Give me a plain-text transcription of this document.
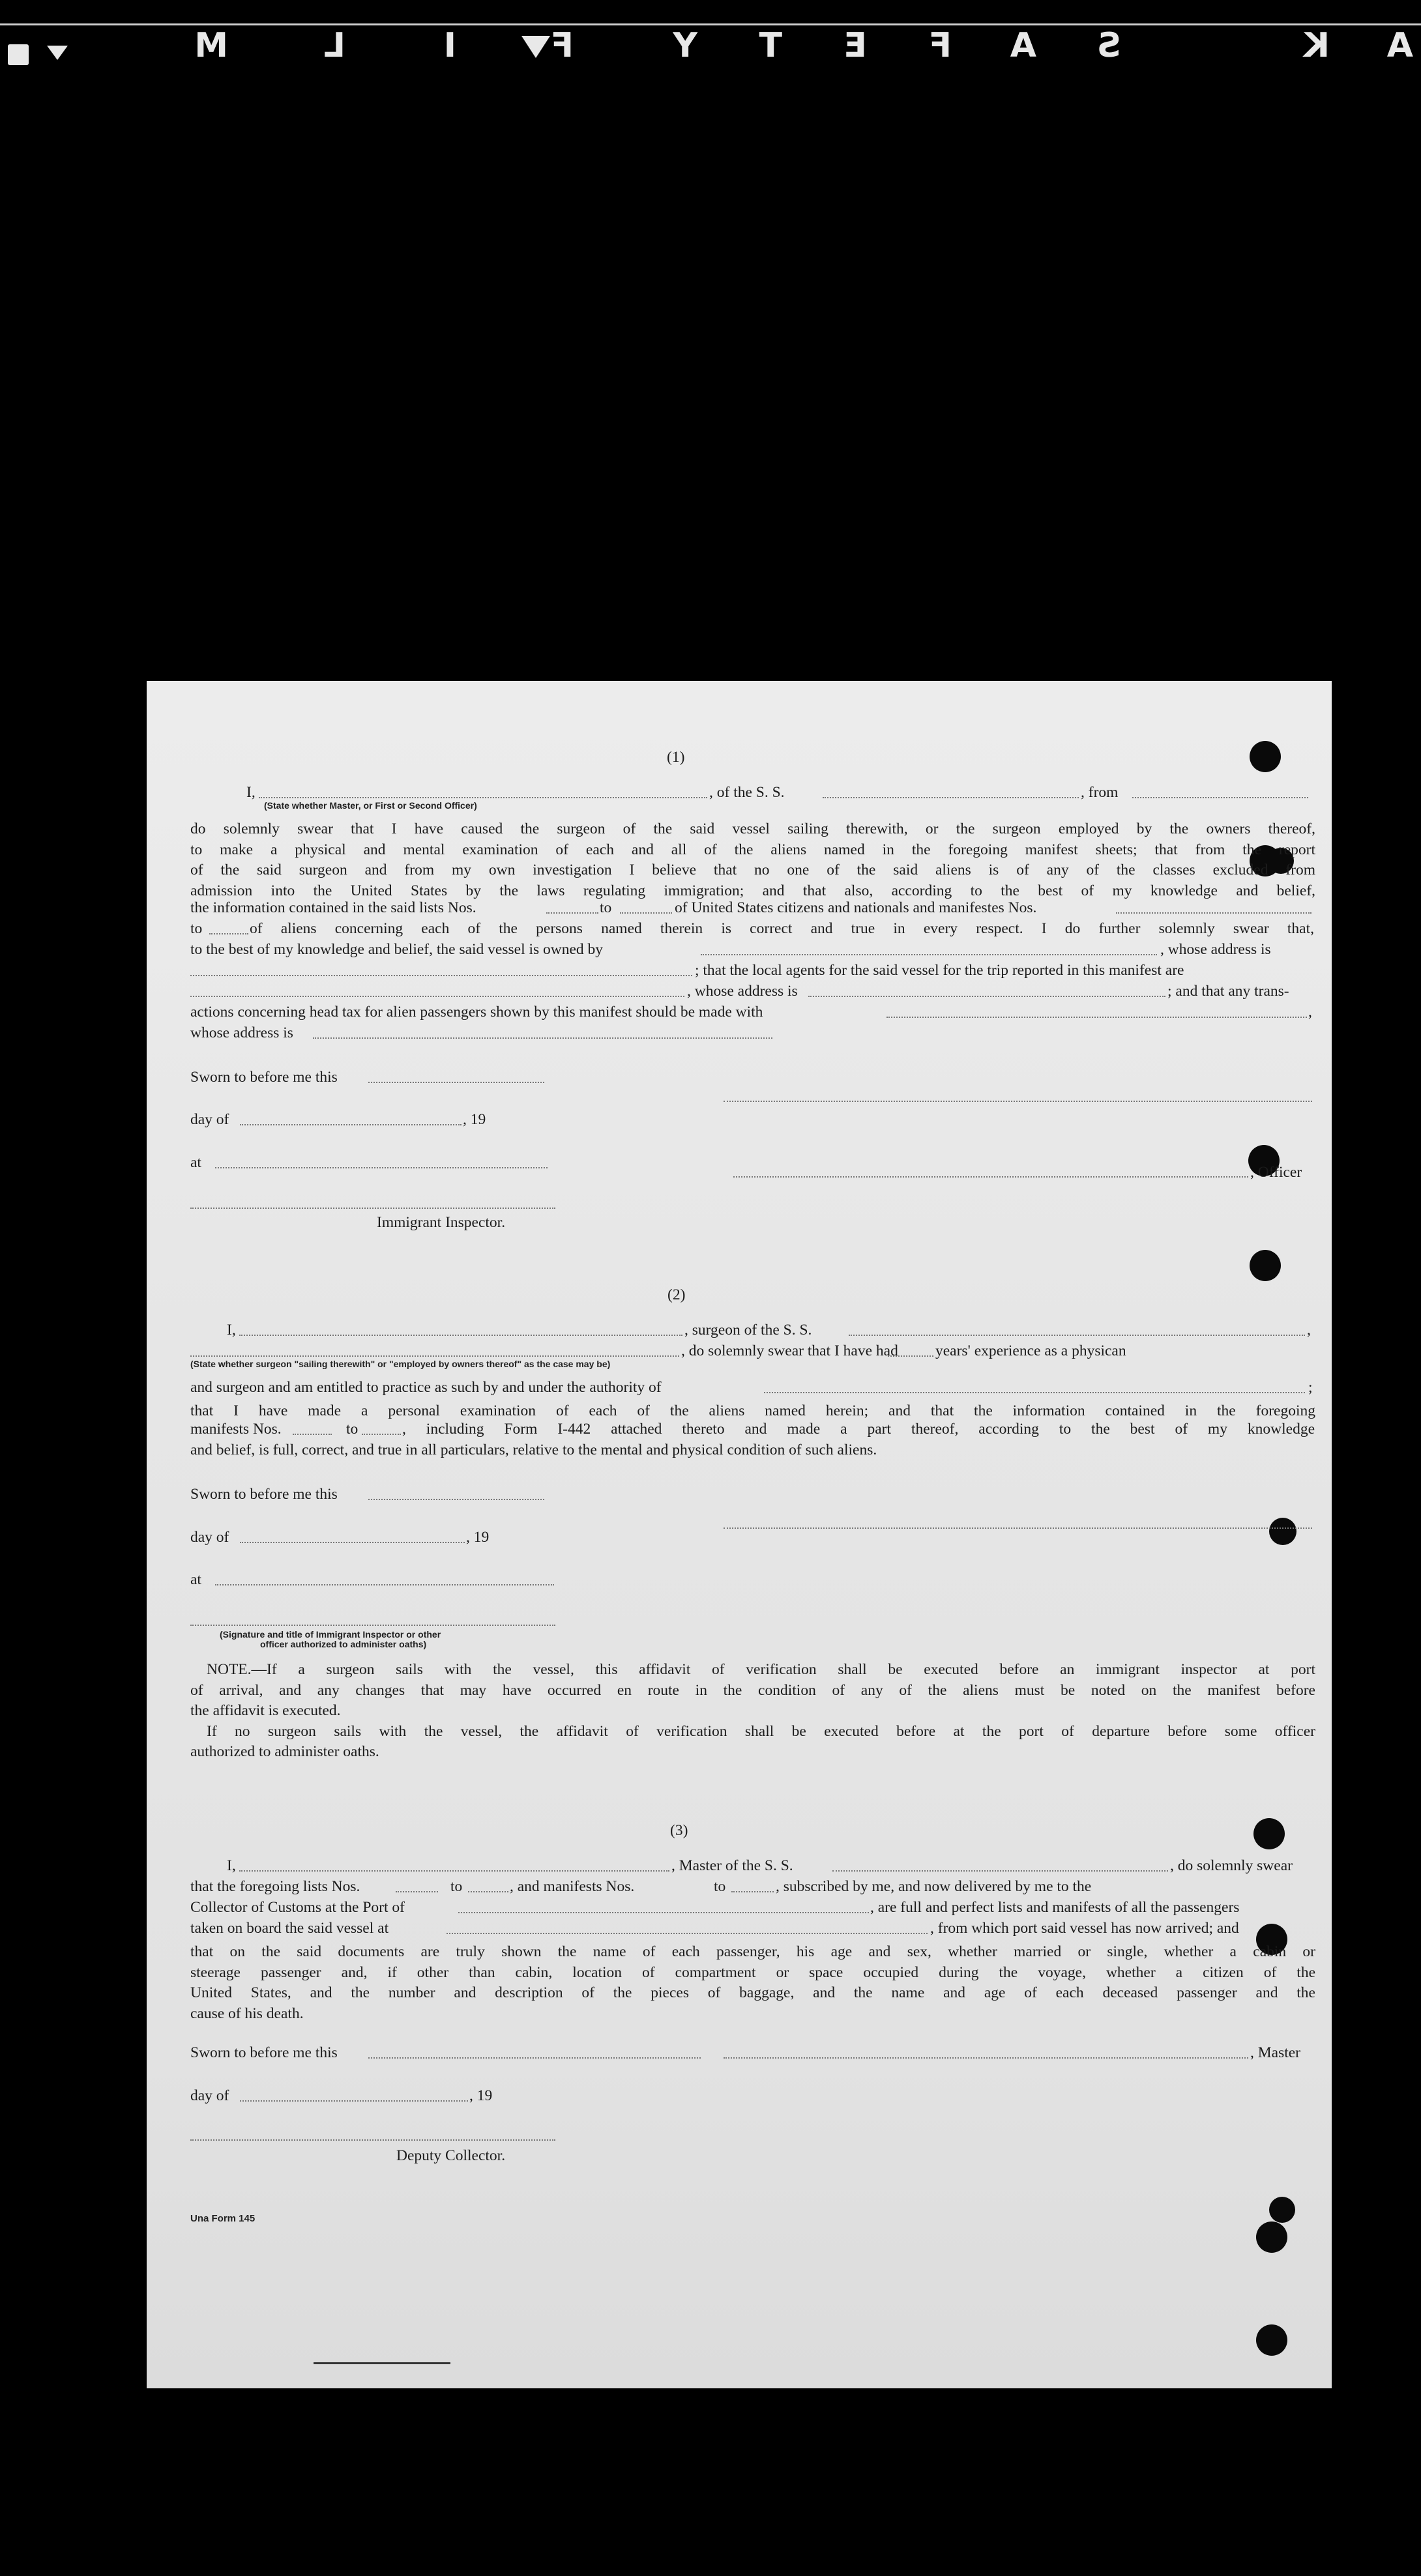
A
K
S
A
F
E
T
Y
F
I
L
M
(1)
I,	, of the S. S.	, from
(State whether Master, or First or Second Officer)
do solemnly swear that I have caused the surgeon of the said vessel sailing therewith, or the surgeon employed by the owners thereof,
to make a physical and mental examination of each and all of the aliens named in the foregoing manifest sheets; that from the report
of the said surgeon and from my own investigation I believe that no one of the said aliens is of any of the classes excluded from
admission into the United States by the laws regulating immigration; and that also, according to the best of my knowledge and belief,
the information contained in the said lists Nos.	to	of United States citizens and nationals and manifestes Nos.
to	of aliens concerning each of the persons named therein is correct and true in every respect. I do further solemnly swear that,
to the best of my knowledge and belief, the said vessel is owned by	, whose address is
; that the local agents for the said vessel for the trip reported in this manifest are
, whose address is	; and that any trans-
actions concerning head tax for alien passengers shown by this manifest should be made with	,
whose address is
Sworn to before me this
day of	, 19
at
, Officer
Immigrant Inspector.
(2)
I,	, surgeon of the S. S.	,
, do solemnly swear that I have had years' experience as a physican
(State whether surgeon "sailing therewith" or "employed by owners thereof" as the case may be)
and surgeon and am entitled to practice as such by and under the authority of	;
that I have made a personal examination of each of the aliens named herein; and that the information contained in the foregoing
manifests Nos.	to	, including Form I-442 attached thereto and made a part thereof, according to the best of my knowledge
and belief, is full, correct, and true in all particulars, relative to the mental and physical condition of such aliens.
Sworn to before me this
day of	, 19
at
(Signature and title of Immigrant Inspector or other
officer authorized to administer oaths)
NOTE.—If a surgeon sails with the vessel, this affidavit of verification shall be executed before an immigrant inspector at port
of arrival, and any changes that may have occurred en route in the condition of any of the aliens must be noted on the manifest before
the affidavit is executed.
If no surgeon sails with the vessel, the affidavit of verification shall be executed before at the port of departure before some officer
authorized to administer oaths.
(3)
I,	, Master of the S. S.	, do solemnly swear
that the foregoing lists Nos.	to	, and manifests Nos.	to	, subscribed by me, and now delivered by me to the
Collector of Customs at the Port of	, are full and perfect lists and manifests of all the passengers
taken on board the said vessel at	, from which port said vessel has now arrived; and
that on the said documents are truly shown the name of each passenger, his age and sex, whether married or single, whether a cabin or
steerage passenger and, if other than cabin, location of compartment or space occupied during the voyage, whether a citizen of the
United States, and the number and description of the pieces of baggage, and the name and age of each deceased passenger and the
cause of his death.
Sworn to before me this	, Master
day of	, 19
Deputy Collector.
Una Form 145
